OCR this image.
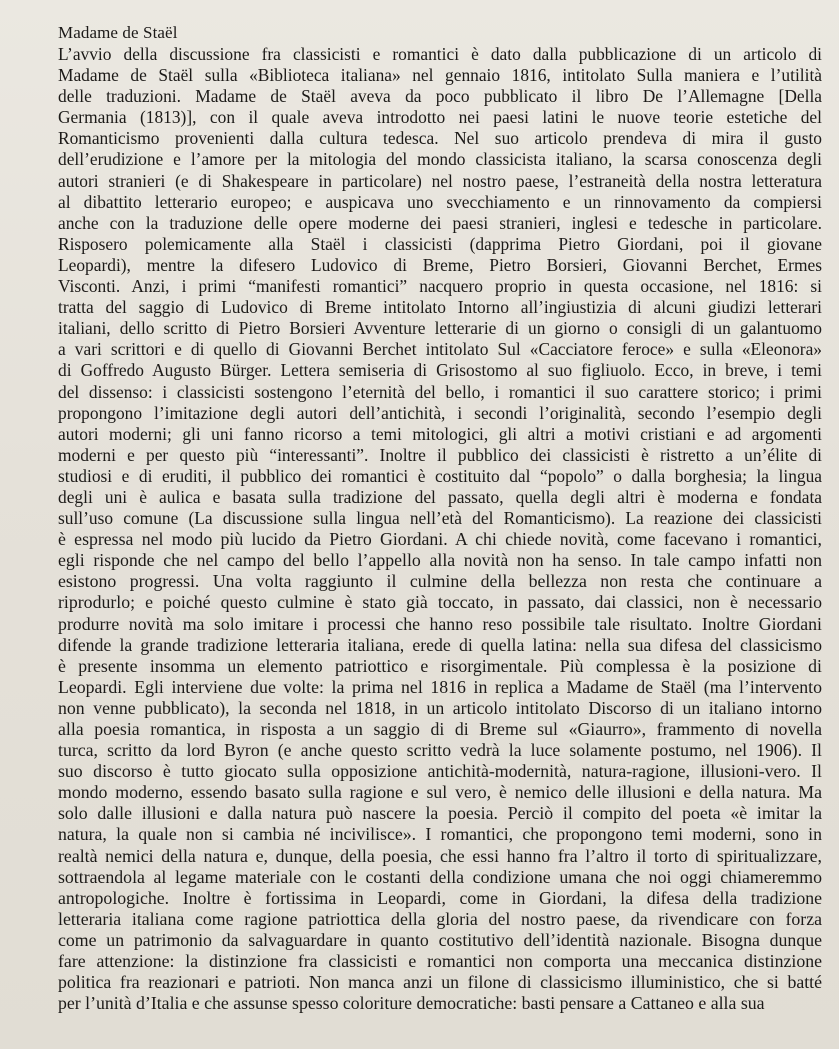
Madame de Staël
L’avvio della discussione fra classicisti e romantici è dato dalla pubblicazione di un articolo di
Madame de Staël sulla «Biblioteca italiana» nel gennaio 1816, intitolato Sulla maniera e l’utilità
delle traduzioni. Madame de Staël aveva da poco pubblicato il libro De l’Allemagne [Della
Germania (1813)], con il quale aveva introdotto nei paesi latini le nuove teorie estetiche del
Romanticismo provenienti dalla cultura tedesca. Nel suo articolo prendeva di mira il gusto
dell’erudizione e l’amore per la mitologia del mondo classicista italiano, la scarsa conoscenza degli
autori stranieri (e di Shakespeare in particolare) nel nostro paese, l’estraneità della nostra letteratura
al dibattito letterario europeo; e auspicava uno svecchiamento e un rinnovamento da compiersi
anche con la traduzione delle opere moderne dei paesi stranieri, inglesi e tedesche in particolare.
Risposero polemicamente alla Staël i classicisti (dapprima Pietro Giordani, poi il giovane
Leopardi), mentre la difesero Ludovico di Breme, Pietro Borsieri, Giovanni Berchet, Ermes
Visconti. Anzi, i primi “manifesti romantici” nacquero proprio in questa occasione, nel 1816: si
tratta del saggio di Ludovico di Breme intitolato Intorno all’ingiustizia di alcuni giudizi letterari
italiani, dello scritto di Pietro Borsieri Avventure letterarie di un giorno o consigli di un galantuomo
a vari scrittori e di quello di Giovanni Berchet intitolato Sul «Cacciatore feroce» e sulla «Eleonora»
di Goffredo Augusto Bürger. Lettera semiseria di Grisostomo al suo figliuolo. Ecco, in breve, i temi
del dissenso: i classicisti sostengono l’eternità del bello, i romantici il suo carattere storico; i primi
propongono l’imitazione degli autori dell’antichità, i secondi l’originalità, secondo l’esempio degli
autori moderni; gli uni fanno ricorso a temi mitologici, gli altri a motivi cristiani e ad argomenti
moderni e per questo più “interessanti”. Inoltre il pubblico dei classicisti è ristretto a un’élite di
studiosi e di eruditi, il pubblico dei romantici è costituito dal “popolo” o dalla borghesia; la lingua
degli uni è aulica e basata sulla tradizione del passato, quella degli altri è moderna e fondata
sull’uso comune (La discussione sulla lingua nell’età del Romanticismo). La reazione dei classicisti
è espressa nel modo più lucido da Pietro Giordani. A chi chiede novità, come facevano i romantici,
egli risponde che nel campo del bello l’appello alla novità non ha senso. In tale campo infatti non
esistono progressi. Una volta raggiunto il culmine della bellezza non resta che continuare a
riprodurlo; e poiché questo culmine è stato già toccato, in passato, dai classici, non è necessario
produrre novità ma solo imitare i processi che hanno reso possibile tale risultato. Inoltre Giordani
difende la grande tradizione letteraria italiana, erede di quella latina: nella sua difesa del classicismo
è presente insomma un elemento patriottico e risorgimentale. Più complessa è la posizione di
Leopardi. Egli interviene due volte: la prima nel 1816 in replica a Madame de Staël (ma l’intervento
non venne pubblicato), la seconda nel 1818, in un articolo intitolato Discorso di un italiano intorno
alla poesia romantica, in risposta a un saggio di di Breme sul «Giaurro», frammento di novella
turca, scritto da lord Byron (e anche questo scritto vedrà la luce solamente postumo, nel 1906). Il
suo discorso è tutto giocato sulla opposizione antichità-modernità, natura-ragione, illusioni-vero. Il
mondo moderno, essendo basato sulla ragione e sul vero, è nemico delle illusioni e della natura. Ma
solo dalle illusioni e dalla natura può nascere la poesia. Perciò il compito del poeta «è imitar la
natura, la quale non si cambia né incivilisce». I romantici, che propongono temi moderni, sono in
realtà nemici della natura e, dunque, della poesia, che essi hanno fra l’altro il torto di spiritualizzare,
sottraendola al legame materiale con le costanti della condizione umana che noi oggi chiameremmo
antropologiche. Inoltre è fortissima in Leopardi, come in Giordani, la difesa della tradizione
letteraria italiana come ragione patriottica della gloria del nostro paese, da rivendicare con forza
come un patrimonio da salvaguardare in quanto costitutivo dell’identità nazionale. Bisogna dunque
fare attenzione: la distinzione fra classicisti e romantici non comporta una meccanica distinzione
politica fra reazionari e patrioti. Non manca anzi un filone di classicismo illuministico, che si batté
per l’unità d’Italia e che assunse spesso coloriture democratiche: basti pensare a Cattaneo e alla sua
